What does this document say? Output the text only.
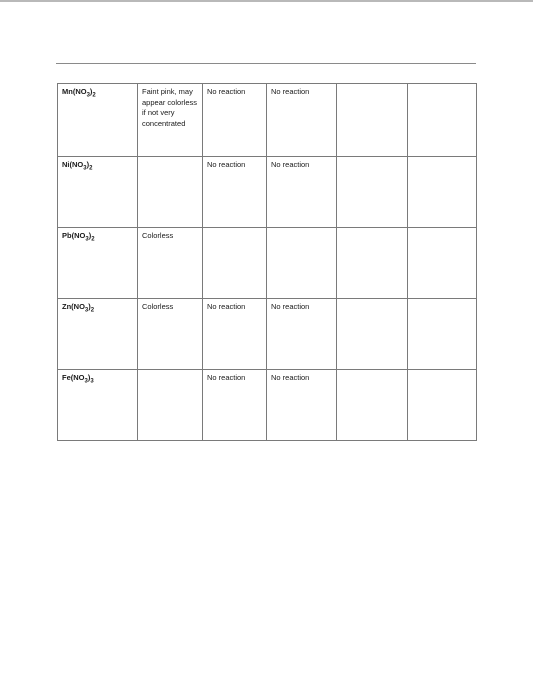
$Mn(NO_3)_2$	Faint pink, may appear colorless if not very concentrated	No reaction	No reaction		
$Ni(NO_3)_2$		No reaction	No reaction		
$Pb(NO_3)_2$	Colorless				
$Zn(NO_3)_2$	Colorless	No reaction	No reaction		
$Fe(NO_3)_3$		No reaction	No reaction		
